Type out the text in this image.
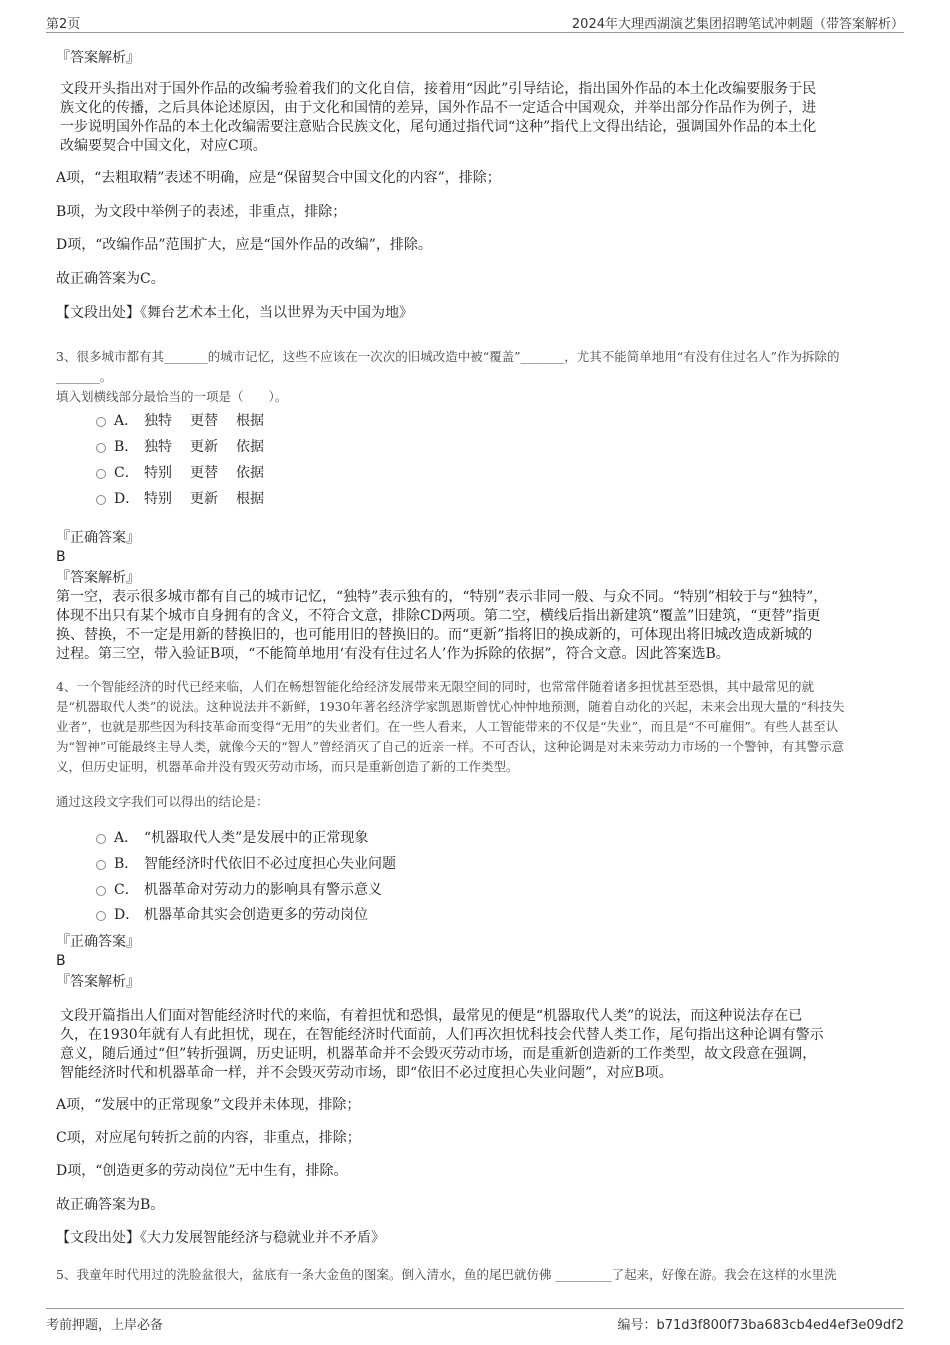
第2页	2024年大理西湖演艺集团招聘笔试冲刺题（带答案解析）
『答案解析』
文段开头指出对于国外作品的改编考验着我们的文化自信，接着用“因此”引导结论，指出国外作品的本土化改编要服务于民
族文化的传播，之后具体论述原因，由于文化和国情的差异，国外作品不一定适合中国观众，并举出部分作品作为例子，进
一步说明国外作品的本土化改编需要注意贴合民族文化，尾句通过指代词“这种”指代上文得出结论，强调国外作品的本土化
改编要契合中国文化，对应C项。
A项，“去粗取精”表述不明确，应是“保留契合中国文化的内容”，排除；
B项，为文段中举例子的表述，非重点，排除；
D项，“改编作品”范围扩大，应是“国外作品的改编”，排除。
故正确答案为C。
【文段出处】《舞台艺术本土化，当以世界为天中国为地》
3、很多城市都有其_______的城市记忆，这些不应该在一次次的旧城改造中被“覆盖”_______，尤其不能简单地用“有没有住过名人”作为拆除的
_______。
填入划横线部分最恰当的一项是（　　）。
A． 独特 更替 根据
B． 独特 更新 依据
C． 特别 更替 依据
D． 特别 更新 根据
『正确答案』
B
『答案解析』
第一空，表示很多城市都有自己的城市记忆，“独特”表示独有的，“特别”表示非同一般、与众不同。“特别”相较于与“独特”，
体现不出只有某个城市自身拥有的含义，不符合文意，排除CD两项。第二空，横线后指出新建筑“覆盖”旧建筑，“更替”指更
换、替换，不一定是用新的替换旧的，也可能用旧的替换旧的。而“更新”指将旧的换成新的，可体现出将旧城改造成新城的
过程。第三空，带入验证B项，“不能简单地用‘有没有住过名人’作为拆除的依据”，符合文意。因此答案选B。
4、一个智能经济的时代已经来临，人们在畅想智能化给经济发展带来无限空间的同时，也常常伴随着诸多担忧甚至恐惧，其中最常见的就
是“机器取代人类”的说法。这种说法并不新鲜，1930年著名经济学家凯恩斯曾忧心忡忡地预测，随着自动化的兴起，未来会出现大量的“科技失
业者”，也就是那些因为科技革命而变得“无用”的失业者们。在一些人看来，人工智能带来的不仅是“失业”，而且是“不可雇佣”。有些人甚至认
为“智神”可能最终主导人类，就像今天的“智人”曾经消灭了自己的近亲一样。不可否认，这种论调是对未来劳动力市场的一个警钟，有其警示意
义，但历史证明，机器革命并没有毁灭劳动市场，而只是重新创造了新的工作类型。
通过这段文字我们可以得出的结论是：
A． “机器取代人类”是发展中的正常现象
B． 智能经济时代依旧不必过度担心失业问题
C． 机器革命对劳动力的影响具有警示意义
D． 机器革命其实会创造更多的劳动岗位
『正确答案』
B
『答案解析』
文段开篇指出人们面对智能经济时代的来临，有着担忧和恐惧，最常见的便是“机器取代人类”的说法，而这种说法存在已
久，在1930年就有人有此担忧，现在，在智能经济时代面前，人们再次担忧科技会代替人类工作，尾句指出这种论调有警示
意义，随后通过“但”转折强调，历史证明，机器革命并不会毁灭劳动市场，而是重新创造新的工作类型，故文段意在强调，
智能经济时代和机器革命一样，并不会毁灭劳动市场，即“依旧不必过度担心失业问题”，对应B项。
A项，“发展中的正常现象”文段并未体现，排除；
C项，对应尾句转折之前的内容，非重点，排除；
D项，“创造更多的劳动岗位”无中生有，排除。
故正确答案为B。
【文段出处】《大力发展智能经济与稳就业并不矛盾》
5、我童年时代用过的洗脸盆很大，盆底有一条大金鱼的图案。倒入清水，鱼的尾巴就仿佛 _________了起来，好像在游。我会在这样的水里洗
考前押题，上岸必备	编号：b71d3f800f73ba683cb4ed4ef3e09df2
